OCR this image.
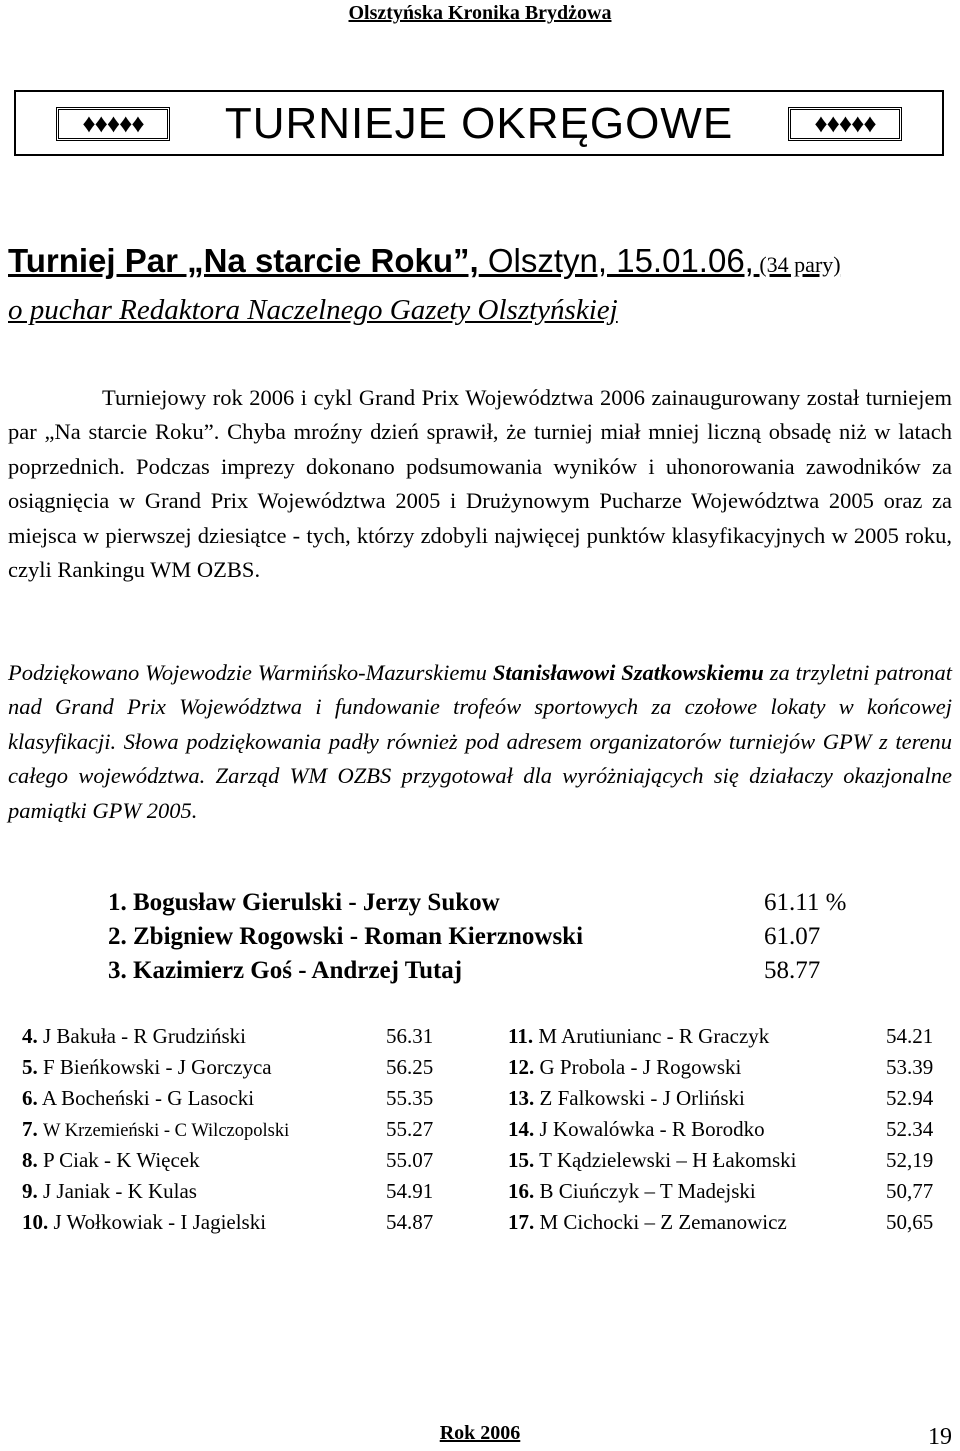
Olsztyńska Kronika Brydżowa
♦♦♦♦♦	TURNIEJE OKRĘGOWE	♦♦♦♦♦
Turniej Par „Na starcie Roku”, Olsztyn, 15.01.06, (34 pary)
o puchar Redaktora Naczelnego Gazety Olsztyńskiej
Turniejowy rok 2006 i cykl Grand Prix Województwa 2006 zainaugurowany został turniejem par „Na starcie Roku”. Chyba mroźny dzień sprawił, że turniej miał mniej liczną obsadę niż w latach poprzednich. Podczas imprezy dokonano podsumowania wyników i uhonorowania zawodników za osiągnięcia w Grand Prix Województwa 2005 i Drużynowym Pucharze Województwa 2005 oraz za miejsca w pierwszej dziesiątce - tych, którzy zdobyli najwięcej punktów klasyfikacyjnych w 2005 roku, czyli Rankingu WM OZBS.
Podziękowano Wojewodzie Warmińsko-Mazurskiemu Stanisławowi Szatkowskiemu za trzyletni patronat nad Grand Prix Województwa i fundowanie trofeów sportowych za czołowe lokaty w końcowej klasyfikacji. Słowa podziękowania padły również pod adresem organizatorów turniejów GPW z terenu całego województwa. Zarząd WM OZBS przygotował dla wyróżniających się działaczy okazjonalne pamiątki GPW 2005.
1. Bogusław Gierulski - Jerzy Sukow	61.11 %
2. Zbigniew Rogowski - Roman Kierznowski	61.07
3. Kazimierz Goś - Andrzej Tutaj	58.77
4. J Bakuła - R Grudziński	56.31
5. F Bieńkowski - J Gorczyca	56.25
6. A Bocheński - G Lasocki	55.35
7. W Krzemieński - C Wilczopolski	55.27
8. P Ciak - K Więcek	55.07
9. J Janiak - K Kulas	54.91
10. J Wołkowiak - I Jagielski	54.87
11. M Arutiunianc - R Graczyk	54.21
12. G Probola - J Rogowski	53.39
13. Z Falkowski - J Orliński	52.94
14. J Kowalówka - R Borodko	52.34
15. T Kądzielewski – H Łakomski	52,19
16. B Ciuńczyk – T Madejski	50,77
17. M Cichocki – Z Zemanowicz	50,65
Rok 2006	19
